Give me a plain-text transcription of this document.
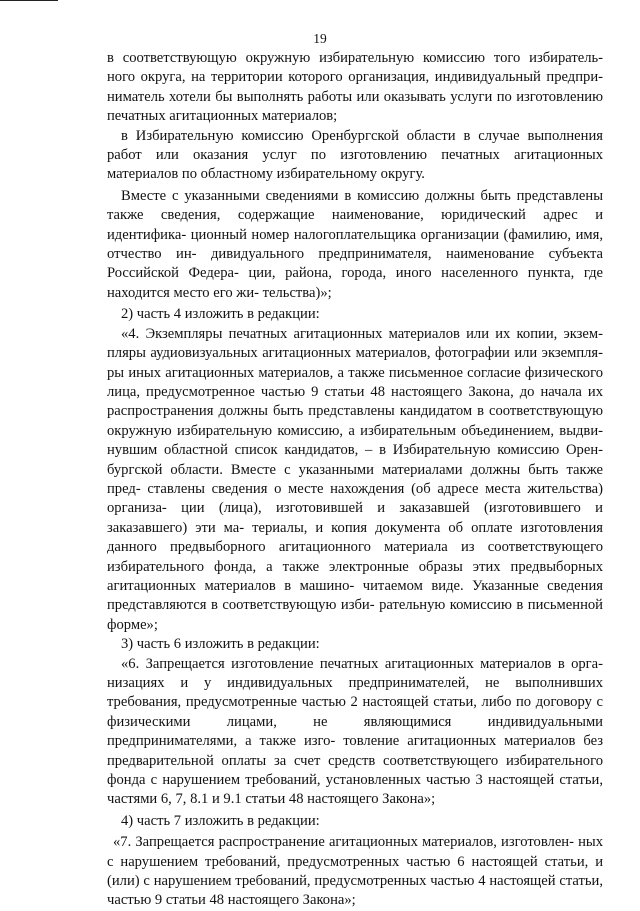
19

в соответствующую окружную избирательную комиссию того избиратель- ного округа, на территории которого организация, индивидуальный предпри- ниматель хотели бы выполнять работы или оказывать услуги по изготовлению печатных агитационных материалов;

в Избирательную комиссию Оренбургской области в случае выполнения работ или оказания услуг по изготовлению печатных агитационных материалов по областному избирательному округу.

Вместе с указанными сведениями в комиссию должны быть представлены также сведения, содержащие наименование, юридический адрес и идентифика- ционный номер налогоплательщика организации (фамилию, имя, отчество ин- дивидуального предпринимателя, наименование субъекта Российской Федера- ции, района, города, иного населенного пункта, где находится место его жи- тельства)»;

2) часть 4 изложить в редакции:

«4. Экземпляры печатных агитационных материалов или их копии, экзем- пляры аудиовизуальных агитационных материалов, фотографии или экземпля- ры иных агитационных материалов, а также письменное согласие физического лица, предусмотренное частью 9 статьи 48 настоящего Закона, до начала их распространения должны быть представлены кандидатом в соответствующую окружную избирательную комиссию, а избирательным объединением, выдви- нувшим областной список кандидатов, – в Избирательную комиссию Орен- бургской области. Вместе с указанными материалами должны быть также пред- ставлены сведения о месте нахождения (об адресе места жительства) организа- ции (лица), изготовившей и заказавшей (изготовившего и заказавшего) эти ма- териалы, и копия документа об оплате изготовления данного предвыборного агитационного материала из соответствующего избирательного фонда, а также электронные образы этих предвыборных агитационных материалов в машино- читаемом виде. Указанные сведения представляются в соответствующую изби- рательную комиссию в письменной форме»;

3) часть 6 изложить в редакции:

«6. Запрещается изготовление печатных агитационных материалов в орга- низациях и у индивидуальных предпринимателей, не выполнивших требования, предусмотренные частью 2 настоящей статьи, либо по договору с физическими лицами, не являющимися индивидуальными предпринимателями, а также изго- товление агитационных материалов без предварительной оплаты за счет средств соответствующего избирательного фонда с нарушением требований, установленных частью 3 настоящей статьи, частями 6, 7, 8.1 и 9.1 статьи 48 настоящего Закона»;

4) часть 7 изложить в редакции:

«7. Запрещается распространение агитационных материалов, изготовлен- ных с нарушением требований, предусмотренных частью 6 настоящей статьи, и (или) с нарушением требований, предусмотренных частью 4 настоящей статьи, частью 9 статьи 48 настоящего Закона»;
